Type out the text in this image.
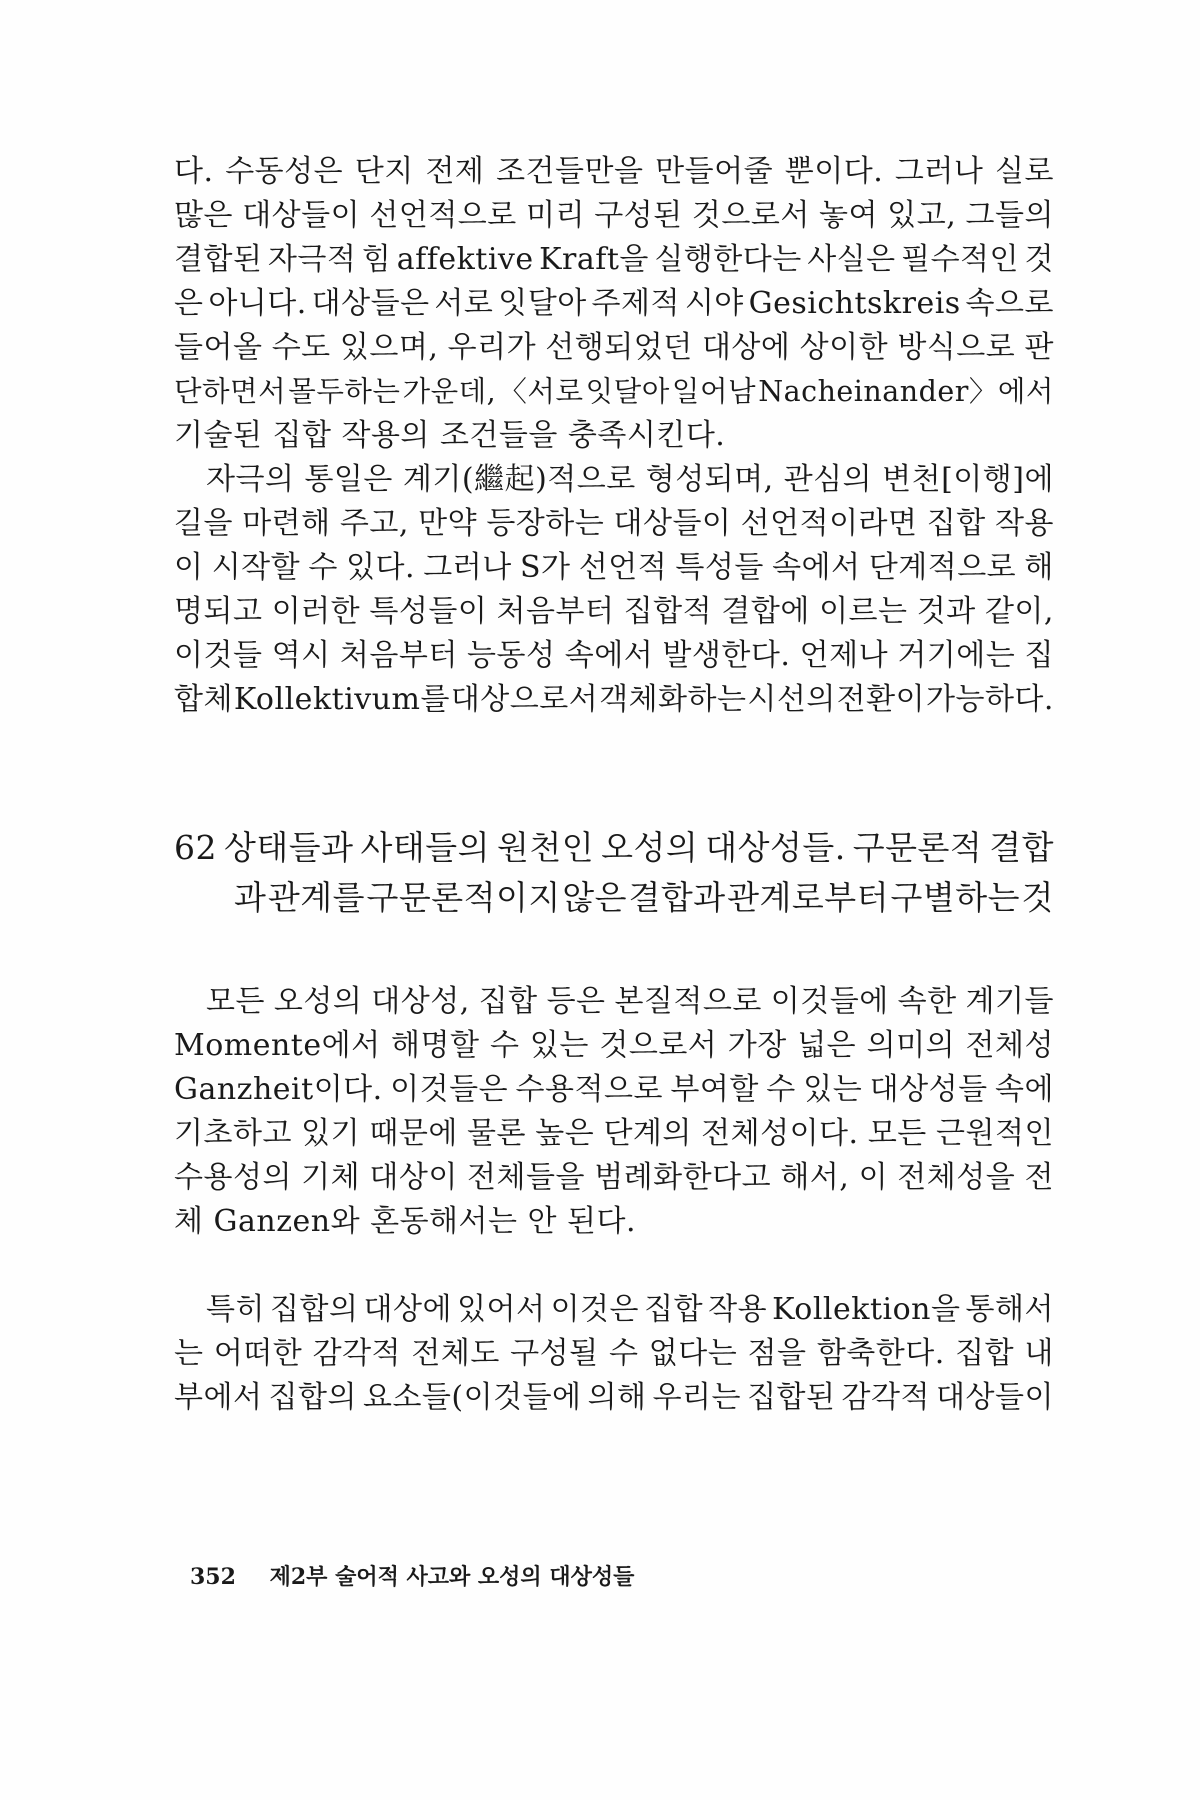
다. 수동성은 단지 전제 조건들만을 만들어줄 뿐이다. 그러나 실로
많은 대상들이 선언적으로 미리 구성된 것으로서 놓여 있고, 그들의
결합된 자극적 힘 affektive Kraft을 실행한다는 사실은 필수적인 것
은 아니다. 대상들은 서로 잇달아 주제적 시야 Gesichtskreis 속으로
들어올 수도 있으며, 우리가 선행되었던 대상에 상이한 방식으로 판
단하면서 몰두하는 가운데, 〈서로 잇달아 일어남 Nacheinander〉에서
기술된 집합 작용의 조건들을 충족시킨다.
자극의 통일은 계기(繼起)적으로 형성되며, 관심의 변천[이행]에
길을 마련해 주고, 만약 등장하는 대상들이 선언적이라면 집합 작용
이 시작할 수 있다. 그러나 S가 선언적 특성들 속에서 단계적으로 해
명되고 이러한 특성들이 처음부터 집합적 결합에 이르는 것과 같이,
이것들 역시 처음부터 능동성 속에서 발생한다. 언제나 거기에는 집
합체 Kollektivum를 대상으로서 객체화하는 시선의 전환이 가능하다.
62 상태들과 사태들의 원천인 오성의 대상성들. 구문론적 결합
과 관계를 구문론적이지 않은 결합과 관계로부터 구별하는 것
모든 오성의 대상성, 집합 등은 본질적으로 이것들에 속한 계기들
Momente에서 해명할 수 있는 것으로서 가장 넓은 의미의 전체성
Ganzheit이다. 이것들은 수용적으로 부여할 수 있는 대상성들 속에
기초하고 있기 때문에 물론 높은 단계의 전체성이다. 모든 근원적인
수용성의 기체 대상이 전체들을 범례화한다고 해서, 이 전체성을 전
체 Ganzen와 혼동해서는 안 된다.
특히 집합의 대상에 있어서 이것은 집합 작용 Kollektion을 통해서
는 어떠한 감각적 전체도 구성될 수 없다는 점을 함축한다. 집합 내
부에서 집합의 요소들(이것들에 의해 우리는 집합된 감각적 대상들이
352 제2부 술어적 사고와 오성의 대상성들
